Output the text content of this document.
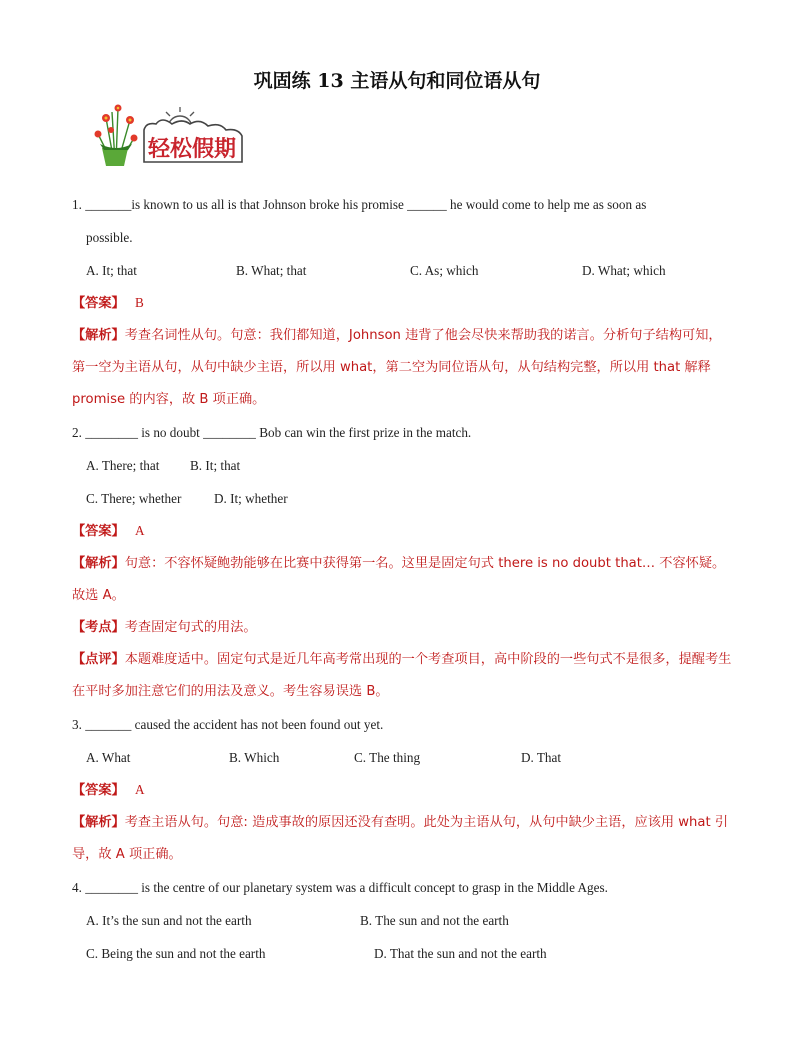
巩固练 13 主语从句和同位语从句
轻松假期
1. _______is known to us all is that Johnson broke his promise ______ he would come to help me as soon as
possible.
A. It; that	B. What; that	C. As; which	D. What; which
【答案】 B
【解析】考查名词性从句。句意：我们都知道，Johnson 违背了他会尽快来帮助我的诺言。分析句子结构可知，第一空为主语从句，从句中缺少主语，所以用 what，第二空为同位语从句，从句结构完整，所以用 that 解释 promise 的内容，故 B 项正确。
2. ________ is no doubt ________ Bob can win the first prize in the match.
A. There; that	B. It; that
C. There; whether	D. It; whether
【答案】 A
【解析】句意：不容怀疑鲍勃能够在比赛中获得第一名。这里是固定句式 there is no doubt that… 不容怀疑。故选 A。
【考点】考查固定句式的用法。
【点评】本题难度适中。固定句式是近几年高考常出现的一个考查项目，高中阶段的一些句式不是很多，提醒考生在平时多加注意它们的用法及意义。考生容易误选 B。
3. _______ caused the accident has not been found out yet.
A. What	B. Which	C. The thing	D. That
【答案】 A
【解析】考查主语从句。句意: 造成事故的原因还没有查明。此处为主语从句，从句中缺少主语，应该用 what 引导，故 A 项正确。
4. ________ is the centre of our planetary system was a difficult concept to grasp in the Middle Ages.
A. It’s the sun and not the earth	B. The sun and not the earth
C. Being the sun and not the earth	D. That the sun and not the earth
